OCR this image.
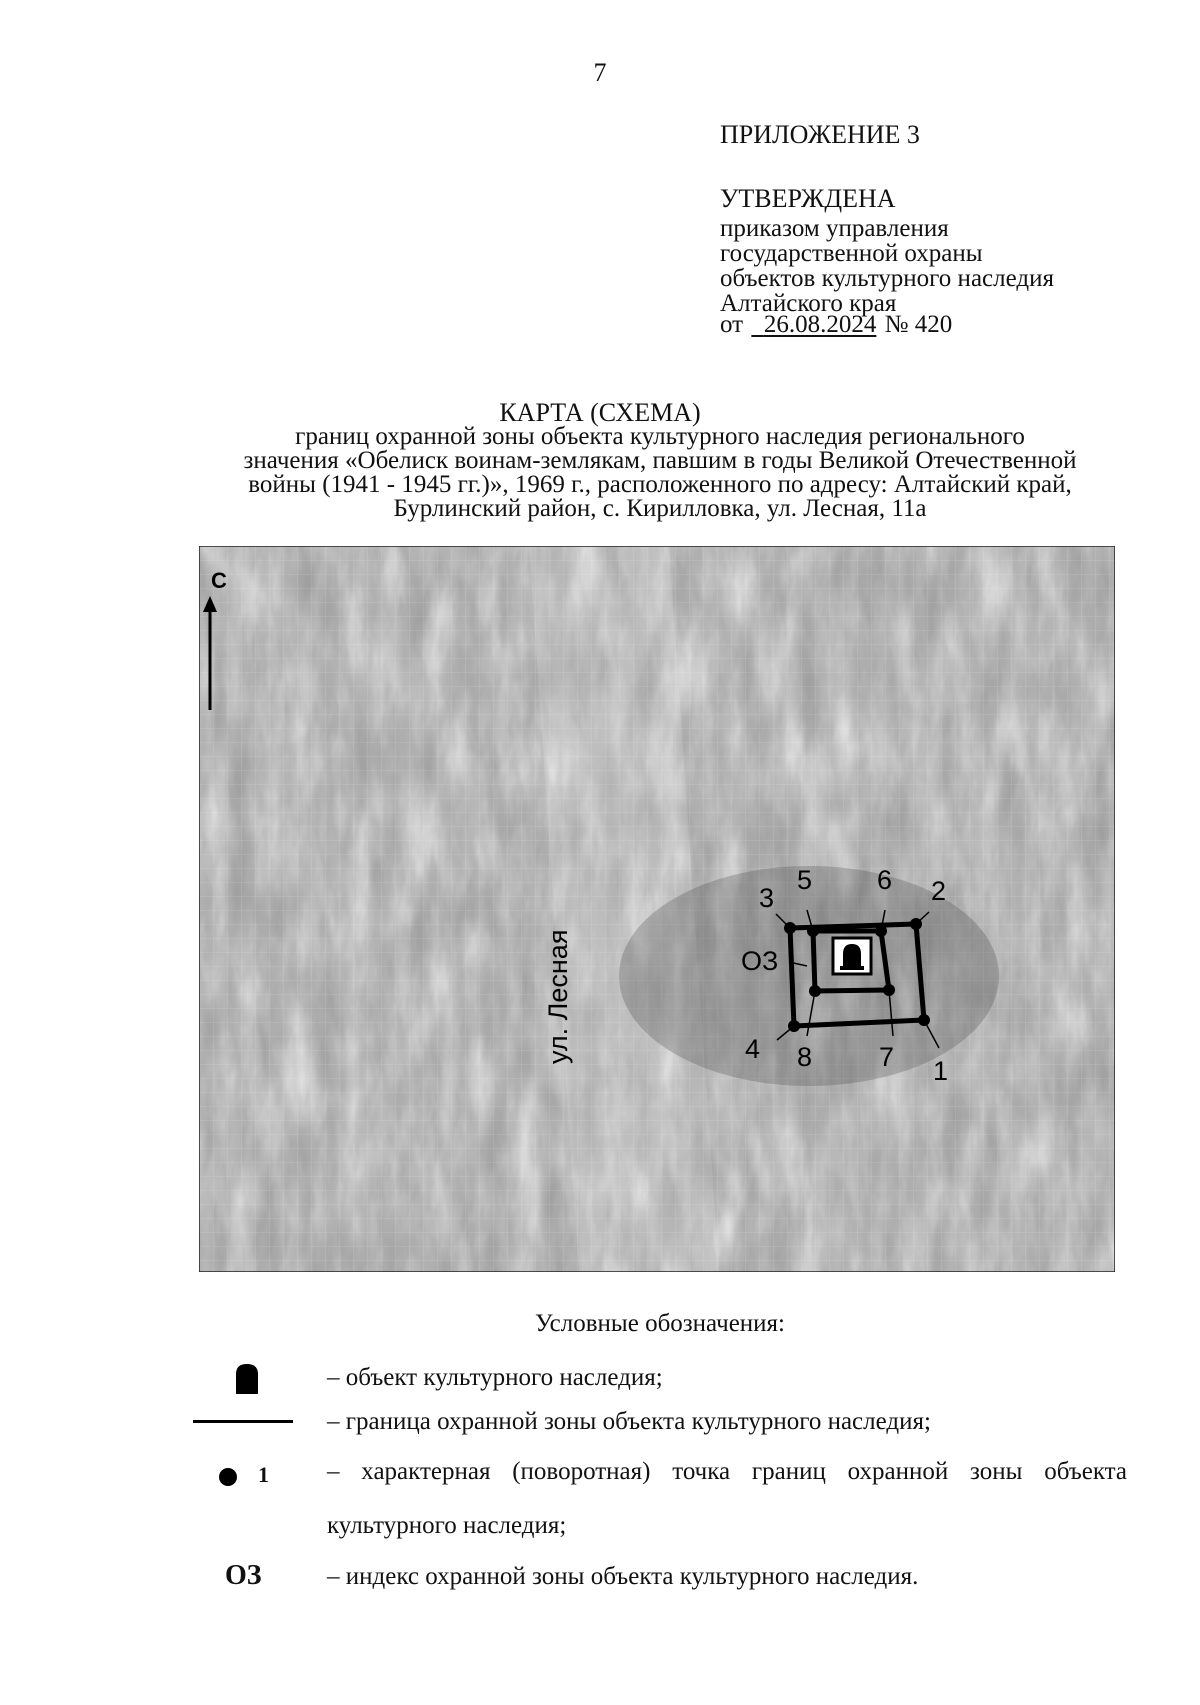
7
ПРИЛОЖЕНИЕ 3
УТВЕРЖДЕНА
приказом управления
государственной охраны
объектов культурного наследия
Алтайского края
от 26.08.2024 № 420
КАРТА (СХЕМА)
границ охранной зоны объекта культурного наследия регионального
значения «Обелиск воинам-землякам, павшим в годы Великой Отечественной
войны (1941 - 1945 гг.)», 1969 г., расположенного по адресу: Алтайский край,
Бурлинский район, с. Кирилловка, ул. Лесная, 11а
С
ул. Лесная
3
5 6 2
4 8 7 1
ОЗ
Условные обозначения:
– объект культурного наследия;
– граница охранной зоны объекта культурного наследия;
1 – характерная (поворотная) точка границ охранной зоны объекта
культурного наследия;
ОЗ	– индекс охранной зоны объекта культурного наследия.
